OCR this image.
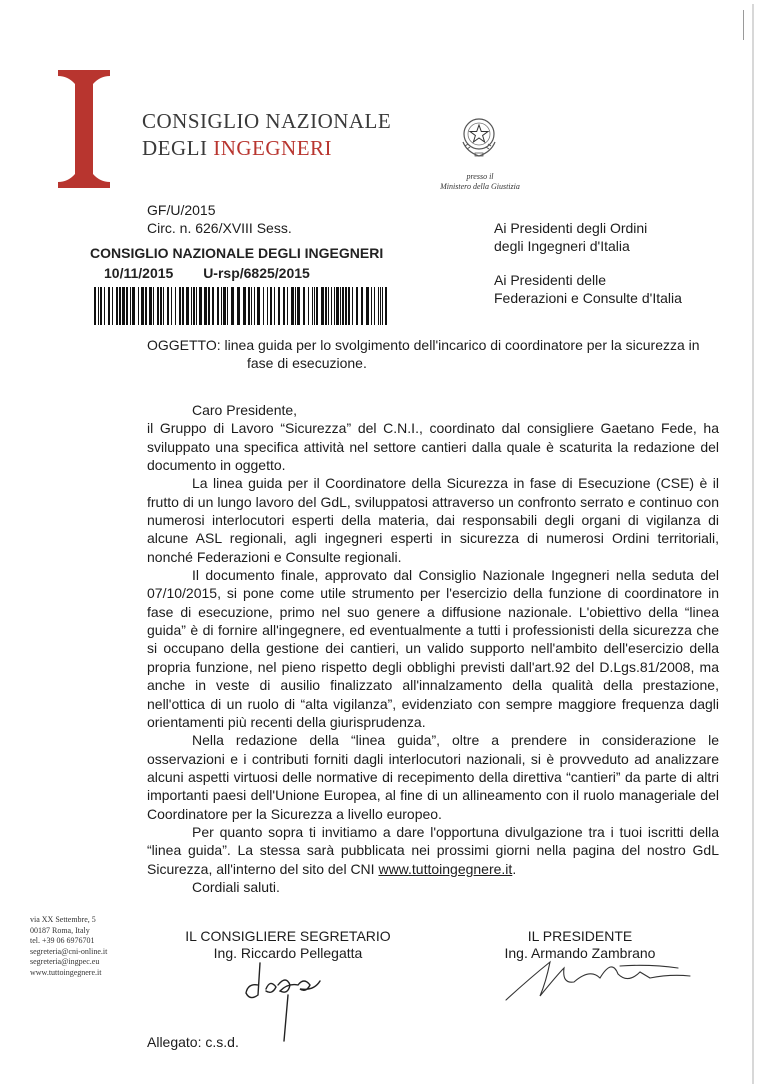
CONSIGLIO NAZIONALE
DEGLI INGEGNERI
presso il
Ministero della Giustizia
GF/U/2015
Circ. n. 626/XVIII Sess.
CONSIGLIO NAZIONALE DEGLI INGEGNERI
10/11/2015 U-rsp/6825/2015
Ai Presidenti degli Ordini
degli Ingegneri d'Italia
Ai Presidenti delle
Federazioni e Consulte d'Italia
OGGETTO: linea guida per lo svolgimento dell'incarico di coordinatore per la sicurezza in
fase di esecuzione.

Caro Presidente,

il Gruppo di Lavoro “Sicurezza” del C.N.I., coordinato dal consigliere Gaetano Fede, ha sviluppato una specifica attività nel settore cantieri dalla quale è scaturita la redazione del documento in oggetto.

La linea guida per il Coordinatore della Sicurezza in fase di Esecuzione (CSE) è il frutto di un lungo lavoro del GdL, sviluppatosi attraverso un confronto serrato e continuo con numerosi interlocutori esperti della materia, dai responsabili degli organi di vigilanza di alcune ASL regionali, agli ingegneri esperti in sicurezza di numerosi Ordini territoriali, nonché Federazioni e Consulte regionali.

Il documento finale, approvato dal Consiglio Nazionale Ingegneri nella seduta del 07/10/2015, si pone come utile strumento per l'esercizio della funzione di coordinatore in fase di esecuzione, primo nel suo genere a diffusione nazionale. L'obiettivo della “linea guida” è di fornire all'ingegnere, ed eventualmente a tutti i professionisti della sicurezza che si occupano della gestione dei cantieri, un valido supporto nell'ambito dell'esercizio della propria funzione, nel pieno rispetto degli obblighi previsti dall'art.92 del D.Lgs.81/2008, ma anche in veste di ausilio finalizzato all'innalzamento della qualità della prestazione, nell'ottica di un ruolo di “alta vigilanza”, evidenziato con sempre maggiore frequenza dagli orientamenti più recenti della giurisprudenza.

Nella redazione della “linea guida”, oltre a prendere in considerazione le osservazioni e i contributi forniti dagli interlocutori nazionali, si è provveduto ad analizzare alcuni aspetti virtuosi delle normative di recepimento della direttiva “cantieri” da parte di altri importanti paesi dell'Unione Europea, al fine di un allineamento con il ruolo manageriale del Coordinatore per la Sicurezza a livello europeo.

Per quanto sopra ti invitiamo a dare l'opportuna divulgazione tra i tuoi iscritti della “linea guida”. La stessa sarà pubblicata nei prossimi giorni nella pagina del nostro GdL Sicurezza, all'interno del sito del CNI www.tuttoingegnere.it.

Cordiali saluti.

via XX Settembre, 5
00187 Roma, Italy
tel. +39 06 6976701
segreteria@cni-online.it
segreteria@ingpec.eu
www.tuttoingegnere.it
IL CONSIGLIERE SEGRETARIO
Ing. Riccardo Pellegatta
IL PRESIDENTE
Ing. Armando Zambrano
Allegato: c.s.d.
